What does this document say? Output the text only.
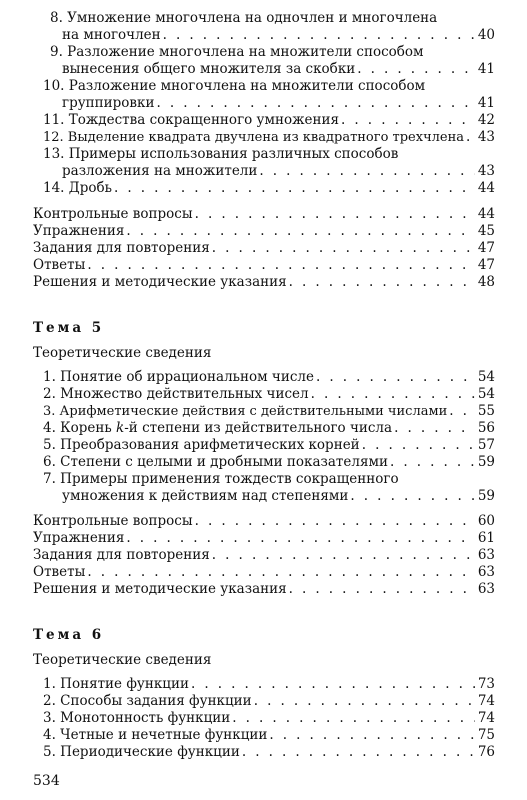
8. Умножение многочлена на одночлен и многочлена
на многочлен . . .	40
9. Разложение многочлена на множители способом
вынесения общего множителя за скобки . . .	41
10. Разложение многочлена на множители способом
группировки . . .	41
11. Тождества сокращенного умножения . . .	42
12. Выделение квадрата двучлена из квадратного трехчлена . . . 43
13. Примеры использования различных способов
разложения на множители . . .	43
14. Дробь . . .	44
Контрольные вопросы . . .	44
Упражнения . . .	45
Задания для повторения . . .	47
Ответы . . .	47
Решения и методические указания . . .	48
Тема 5
Теоретические сведения
1. Понятие об иррациональном числе . . .	54
2. Множество действительных чисел . . .	54
3. Арифметические действия с действительными числами . . . 55
4. Корень k-й степени из действительного числа . . .	56
5. Преобразования арифметических корней . . .	57
6. Степени с целыми и дробными показателями . . .	59
7. Примеры применения тождеств сокращенного
умножения к действиям над степенями . . .	59
Контрольные вопросы . . .	60
Упражнения . . .	61
Задания для повторения . . .	63
Ответы . . .	63
Решения и методические указания . . .	63
Тема 6
Теоретические сведения
1. Понятие функции . . .	73
2. Способы задания функции . . .	74
3. Монотонность функции . . .	74
4. Четные и нечетные функции . . .	75
5. Периодические функции . . .	76
534
